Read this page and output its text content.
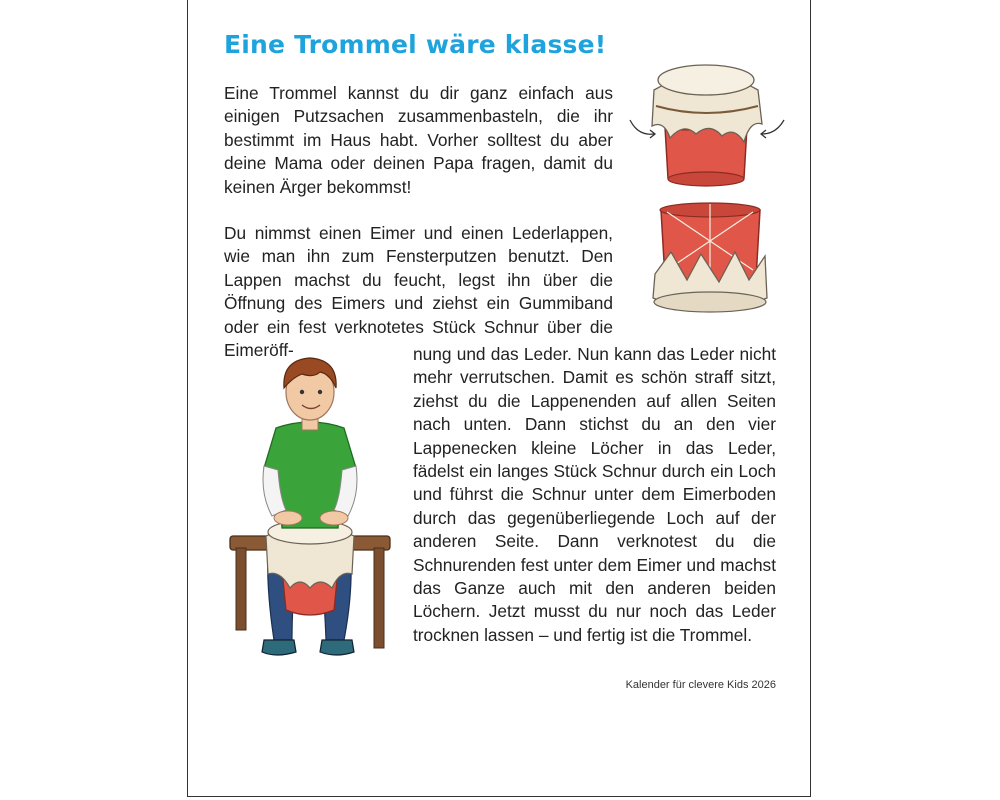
Eine Trommel wäre klasse!

Eine Trommel kannst du dir ganz einfach aus einigen Putzsachen zusammenbasteln, die ihr bestimmt im Haus habt. Vorher solltest du aber deine Mama oder deinen Papa fragen, damit du keinen Ärger bekommst!

Du nimmst einen Eimer und einen Lederlappen, wie man ihn zum Fensterputzen benutzt. Den Lappen machst du feucht, legst ihn über die Öffnung des Eimers und ziehst ein Gummiband oder ein fest verknotetes Stück Schnur über die Eimeröff-	nung und das Leder. Nun kann das Leder nicht mehr verrutschen. Damit es schön straff sitzt, ziehst du die Lappenenden auf allen Seiten nach unten. Dann stichst du an den vier Lappenecken kleine Löcher in das Leder, fädelst ein langes Stück Schnur durch ein Loch und führst die Schnur unter dem Eimerboden durch das gegenüberliegende Loch auf der anderen Seite. Dann verknotest du die Schnurenden fest unter dem Eimer und machst das Ganze auch mit den anderen beiden Löchern. Jetzt musst du nur noch das Leder trocknen lassen – und fertig ist die Trommel.

Kalender für clevere Kids 2026
